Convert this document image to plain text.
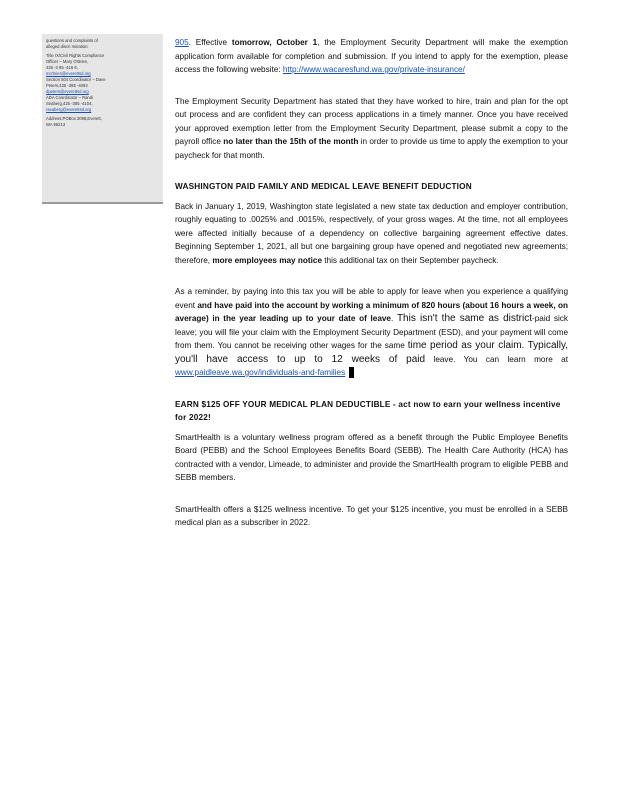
questions and complaints of
alleged discri mination:
Title IX/Civil Rights Compliance
Officer – Mary O'Brien,
425 -3 85 -416 6,
mo'brien@everettsd.org
Section 504 Coordinator – Dave
Peters,425 -385 -4063
dpeters@everettsd.org
ADA Coordinator – Randi
Seaberg,425 -385 -4104,
rseaberg@everettsd.org
Address:POBox 2098,Everett,
WA 98213

905. Effective tomorrow, October 1, the Employment Security Department will make the exemption application form available for completion and submission. If you intend to apply for the exemption, please access the following website: http://www.wacaresfund.wa.gov/private-insurance/

The Employment Security Department has stated that they have worked to hire, train and plan for the opt out process and are confident they can process applications in a timely manner. Once you have received your approved exemption letter from the Employment Security Department, please submit a copy to the payroll office no later than the 15th of the month in order to provide us time to apply the exemption to your paycheck for that month.

WASHINGTON PAID FAMILY AND MEDICAL LEAVE BENEFIT DEDUCTION

Back in January 1, 2019, Washington state legislated a new state tax deduction and employer contribution, roughly equating to .0025% and .0015%, respectively, of your gross wages. At the time, not all employees were affected initially because of a dependency on collective bargaining agreement effective dates. Beginning September 1, 2021, all but one bargaining group have opened and negotiated new agreements; therefore, more employees may notice this additional tax on their September paycheck.

As a reminder, by paying into this tax you will be able to apply for leave when you experience a qualifying event and have paid into the account by working a minimum of 820 hours (about 16 hours a week, on average) in the year leading up to your date of leave. This isn't the same as district-paid sick leave; you will file your claim with the Employment Security Department (ESD), and your payment will come from them. You cannot be receiving other wages for the same time period as your claim. Typically, you'll have access to up to 12 weeks of paid leave. You can learn more at www.paidleave.wa.gov/individuals-and-families

EARN $125 OFF YOUR MEDICAL PLAN DEDUCTIBLE - act now to earn your wellness incentive for 2022!

SmartHealth is a voluntary wellness program offered as a benefit through the Public Employee Benefits Board (PEBB) and the School Employees Benefits Board (SEBB). The Health Care Authority (HCA) has contracted with a vendor, Limeade, to administer and provide the SmartHealth program to eligible PEBB and SEBB members.

SmartHealth offers a $125 wellness incentive. To get your $125 incentive, you must be enrolled in a SEBB medical plan as a subscriber in 2022.
